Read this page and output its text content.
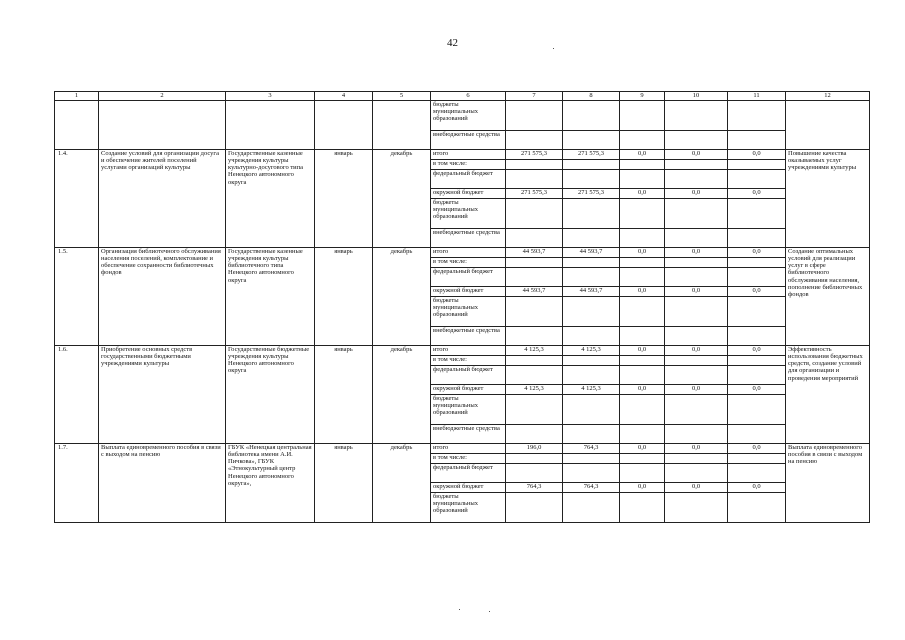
42
1	2	3	4	5	6	7	8	9	10	11	12
					бюджеты муниципальных образований						
					внебюджетные средства						
1.4.	Создание условий для организации досуга и обеспечение жителей поселений услугами организаций культуры	Государственные казенные учреждения культуры культурно-досугового типа Ненецкого автономного округа	январь	декабрь	итого	271 575,3	271 575,3	0,0	0,0	0,0	Повышение качества оказываемых услуг учреждениями культуры
					в том числе:						
					федеральный бюджет						
					окружной бюджет	271 575,3	271 575,3	0,0	0,0	0,0	
					бюджеты муниципальных образований						
					внебюджетные средства						
1.5.	Организация библиотечного обслуживания населения поселений, комплектование и обеспечение сохранности библиотечных фондов	Государственные казенные учреждения культуры библиотечного типа Ненецкого автономного округа	январь	декабрь	итого	44 593,7	44 593,7	0,0	0,0	0,0	Создание оптимальных условий для реализации услуг в сфере библиотечного обслуживания населения, пополнение библиотечных фондов
					в том числе:						
					федеральный бюджет						
					окружной бюджет	44 593,7	44 593,7	0,0	0,0	0,0	
					бюджеты муниципальных образований						
					внебюджетные средства						
1.6.	Приобретение основных средств государственными бюджетными учреждениями культуры	Государственные бюджетные учреждения культуры Ненецкого автономного округа	январь	декабрь	итого	4 125,3	4 125,3	0,0	0,0	0,0	Эффективность использования бюджетных средств, создание условий для организации и проведения мероприятий
					в том числе:						
					федеральный бюджет						
					окружной бюджет	4 125,3	4 125,3	0,0	0,0	0,0	
					бюджеты муниципальных образований						
					внебюджетные средства						
1.7.	Выплата единовременного пособия в связи с выходом на пенсию	ГБУК «Ненецкая центральная библиотека имени А.И. Пичкова», ГБУК «Этнокультурный центр Ненецкого автономного округа»,	январь	декабрь	итого	196,0	764,3	0,0	0,0	0,0	Выплата единовременного пособия в связи с выходом на пенсию
					в том числе:						
					федеральный бюджет						
					окружной бюджет	764,3	764,3	0,0	0,0	0,0	
					бюджеты муниципальных образований						
